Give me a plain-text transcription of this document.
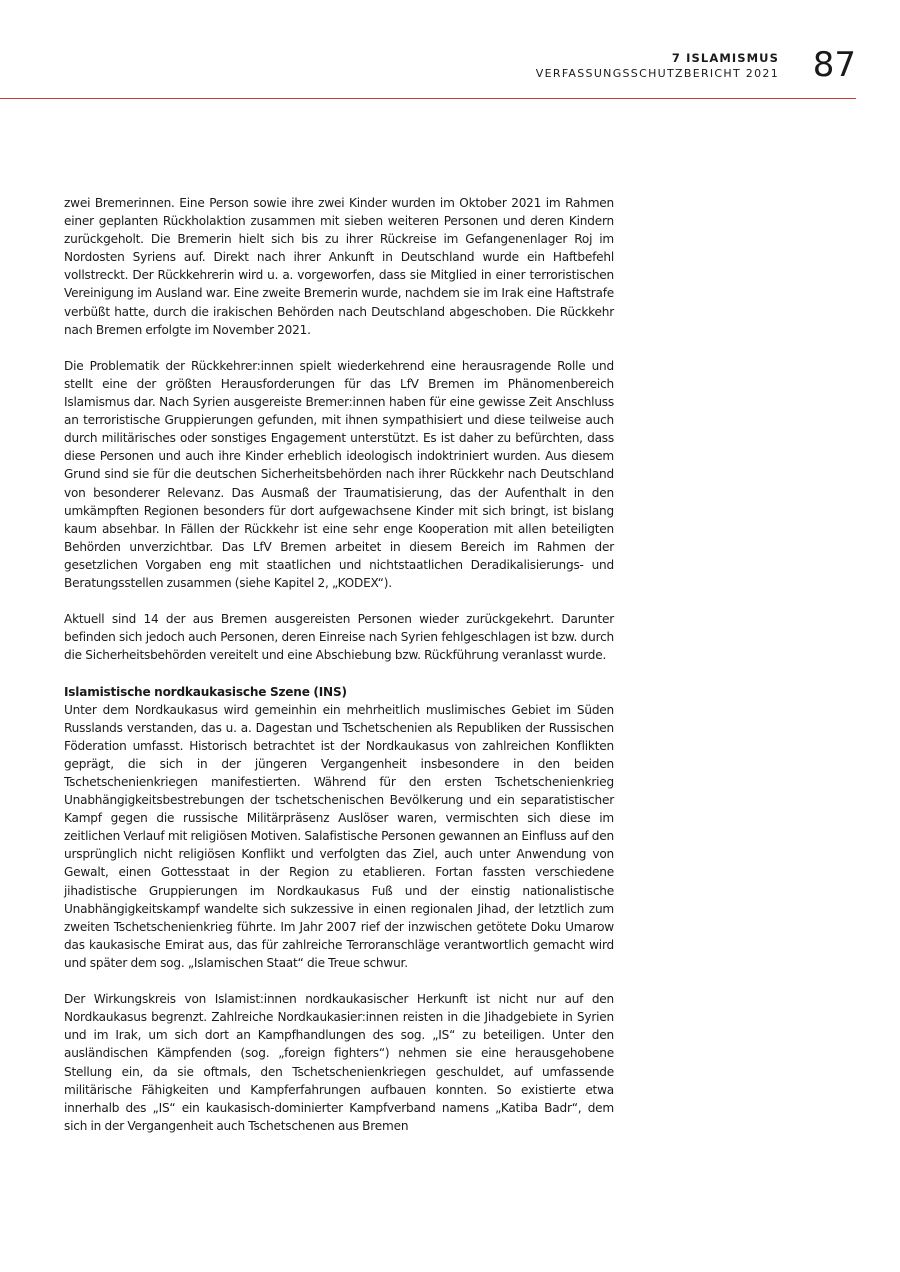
7 ISLAMISMUS
VERFASSUNGSSCHUTZBERICHT 2021 87

zwei Bremerinnen. Eine Person sowie ihre zwei Kinder wurden im Oktober 2021 im Rahmen einer geplanten Rückholaktion zusammen mit sieben weiteren Personen und deren Kindern zurückgeholt. Die Bremerin hielt sich bis zu ihrer Rückreise im Gefangenenlager Roj im Nordosten Syriens auf. Direkt nach ihrer Ankunft in Deutschland wurde ein Haftbefehl vollstreckt. Der Rückkehrerin wird u. a. vorgeworfen, dass sie Mitglied in einer terroristischen Vereinigung im Ausland war. Eine zweite Bremerin wurde, nachdem sie im Irak eine Haftstrafe verbüßt hatte, durch die irakischen Behörden nach Deutschland abgeschoben. Die Rückkehr nach Bremen erfolgte im November 2021.

Die Problematik der Rückkehrer:innen spielt wiederkehrend eine herausragende Rolle und stellt eine der größten Herausforderungen für das LfV Bremen im Phänomenbereich Islamismus dar. Nach Syrien ausgereiste Bremer:innen haben für eine gewisse Zeit Anschluss an terroristische Gruppierungen gefunden, mit ihnen sympathisiert und diese teilweise auch durch militärisches oder sonstiges Engagement unterstützt. Es ist daher zu befürchten, dass diese Personen und auch ihre Kinder erheblich ideologisch indoktriniert wurden. Aus diesem Grund sind sie für die deutschen Sicherheitsbehörden nach ihrer Rückkehr nach Deutschland von besonderer Relevanz. Das Ausmaß der Traumatisierung, das der Aufenthalt in den umkämpften Regionen besonders für dort aufgewachsene Kinder mit sich bringt, ist bislang kaum absehbar. In Fällen der Rückkehr ist eine sehr enge Kooperation mit allen beteiligten Behörden unverzichtbar. Das LfV Bremen arbeitet in diesem Bereich im Rahmen der gesetzlichen Vorgaben eng mit staatlichen und nichtstaatlichen Deradikalisierungs- und Beratungsstellen zusammen (siehe Kapitel 2, „KODEX“).

Aktuell sind 14 der aus Bremen ausgereisten Personen wieder zurückgekehrt. Darunter befinden sich jedoch auch Personen, deren Einreise nach Syrien fehlgeschlagen ist bzw. durch die Sicherheitsbehörden vereitelt und eine Abschiebung bzw. Rückführung veranlasst wurde.

Islamistische nordkaukasische Szene (INS)

Unter dem Nordkaukasus wird gemeinhin ein mehrheitlich muslimisches Gebiet im Süden Russlands verstanden, das u. a. Dagestan und Tschetschenien als Republiken der Russischen Föderation umfasst. Historisch betrachtet ist der Nordkaukasus von zahlreichen Konflikten geprägt, die sich in der jüngeren Vergangenheit insbesondere in den beiden Tschetschenienkriegen manifestierten. Während für den ersten Tschetschenienkrieg Unabhängigkeitsbestrebungen der tschetschenischen Bevölkerung und ein separatistischer Kampf gegen die russische Militärpräsenz Auslöser waren, vermischten sich diese im zeitlichen Verlauf mit religiösen Motiven. Salafistische Personen gewannen an Einfluss auf den ursprünglich nicht religiösen Konflikt und verfolgten das Ziel, auch unter Anwendung von Gewalt, einen Gottesstaat in der Region zu etablieren. Fortan fassten verschiedene jihadistische Gruppierungen im Nordkaukasus Fuß und der einstig nationalistische Unabhängigkeitskampf wandelte sich sukzessive in einen regionalen Jihad, der letztlich zum zweiten Tschetschenienkrieg führte. Im Jahr 2007 rief der inzwischen getötete Doku Umarow das kaukasische Emirat aus, das für zahlreiche Terroranschläge verantwortlich gemacht wird und später dem sog. „Islamischen Staat“ die Treue schwur.

Der Wirkungskreis von Islamist:innen nordkaukasischer Herkunft ist nicht nur auf den Nordkaukasus begrenzt. Zahlreiche Nordkaukasier:innen reisten in die Jihadgebiete in Syrien und im Irak, um sich dort an Kampfhandlungen des sog. „IS“ zu beteiligen. Unter den ausländischen Kämpfenden (sog. „foreign fighters“) nehmen sie eine herausgehobene Stellung ein, da sie oftmals, den Tschetschenienkriegen geschuldet, auf umfassende militärische Fähigkeiten und Kampferfahrungen aufbauen konnten. So existierte etwa innerhalb des „IS“ ein kaukasisch-dominierter Kampfverband namens „Katiba Badr“, dem sich in der Vergangenheit auch Tschetschenen aus Bremen
